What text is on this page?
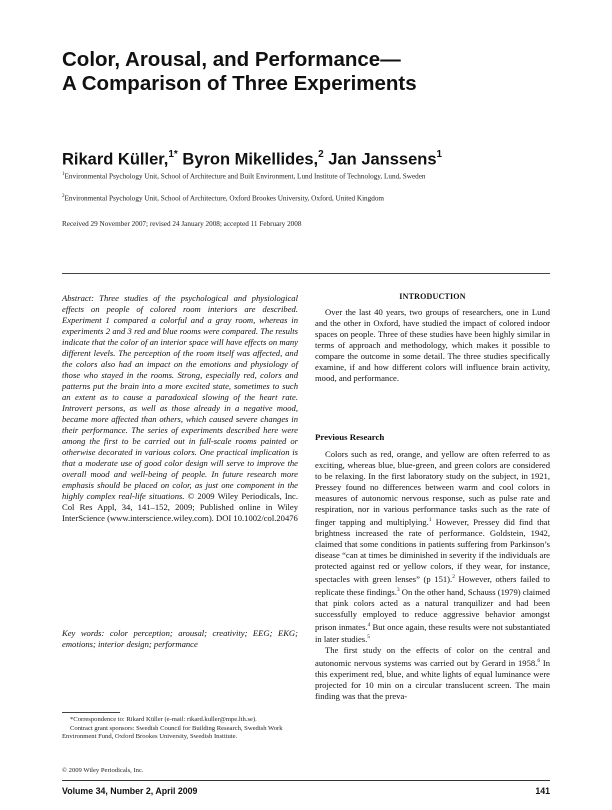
Color, Arousal, and Performance—
A Comparison of Three Experiments
Rikard Küller,$^{1*}$ Byron Mikellides,$^2$ Jan Janssens$^1$
$^1$Environmental Psychology Unit, School of Architecture and Built Environment, Lund Institute of Technology, Lund, Sweden
$^2$Environmental Psychology Unit, School of Architecture, Oxford Brookes University, Oxford, United Kingdom
Received 29 November 2007; revised 24 January 2008; accepted 11 February 2008
Abstract: Three studies of the psychological and physiological effects on people of colored room interiors are described. Experiment 1 compared a colorful and a gray room, whereas in experiments 2 and 3 red and blue rooms were compared. The results indicate that the color of an interior space will have effects on many different levels. The perception of the room itself was affected, and the colors also had an impact on the emotions and physiology of those who stayed in the rooms. Strong, especially red, colors and patterns put the brain into a more excited state, sometimes to such an extent as to cause a paradoxical slowing of the heart rate. Introvert persons, as well as those already in a negative mood, became more affected than others, which caused severe changes in their performance. The series of experiments described here were among the first to be carried out in full-scale rooms painted or otherwise decorated in various colors. One practical implication is that a moderate use of good color design will serve to improve the overall mood and well-being of people. In future research more emphasis should be placed on color, as just one component in the highly complex real-life situations. © 2009 Wiley Periodicals, Inc. Col Res Appl, 34, 141–152, 2009; Published online in Wiley InterScience (www.interscience.wiley.com). DOI 10.1002/col.20476
Key words: color perception; arousal; creativity; EEG; EKG; emotions; interior design; performance

*Correspondence to: Rikard Küller (e-mail: rikard.kuller@mpe.lth.se).

Contract grant sponsors: Swedish Council for Building Research, Swedish Work Environment Fund, Oxford Brookes University, Swedish Institute.

© 2009 Wiley Periodicals, Inc.
INTRODUCTION

Over the last 40 years, two groups of researchers, one in Lund and the other in Oxford, have studied the impact of colored indoor spaces on people. Three of these studies have been highly similar in terms of approach and methodology, which makes it possible to compare the outcome in some detail. The three studies specifically examine, if and how different colors will influence brain activity, mood, and performance.

Previous Research

Colors such as red, orange, and yellow are often referred to as exciting, whereas blue, blue-green, and green colors are considered to be relaxing. In the first laboratory study on the subject, in 1921, Pressey found no differences between warm and cool colors in measures of autonomic nervous response, such as pulse rate and respiration, nor in various performance tasks such as the rate of finger tapping and multiplying.$^1$ However, Pressey did find that brightness increased the rate of performance. Goldstein, 1942, claimed that some conditions in patients suffering from Parkinson’s disease “can at times be diminished in severity if the individuals are protected against red or yellow colors, if they wear, for instance, spectacles with green lenses” (p 151).$^2$ However, others failed to replicate these findings.$^3$ On the other hand, Schauss (1979) claimed that pink colors acted as a natural tranquilizer and had been successfully employed to reduce aggressive behavior amongst prison inmates.$^4$ But once again, these results were not substantiated in later studies.$^5$

The first study on the effects of color on the central and autonomic nervous systems was carried out by Gerard in 1958.$^6$ In this experiment red, blue, and white lights of equal luminance were projected for 10 min on a circular translucent screen. The main finding was that the preva-

Volume 34, Number 2, April 2009	141
